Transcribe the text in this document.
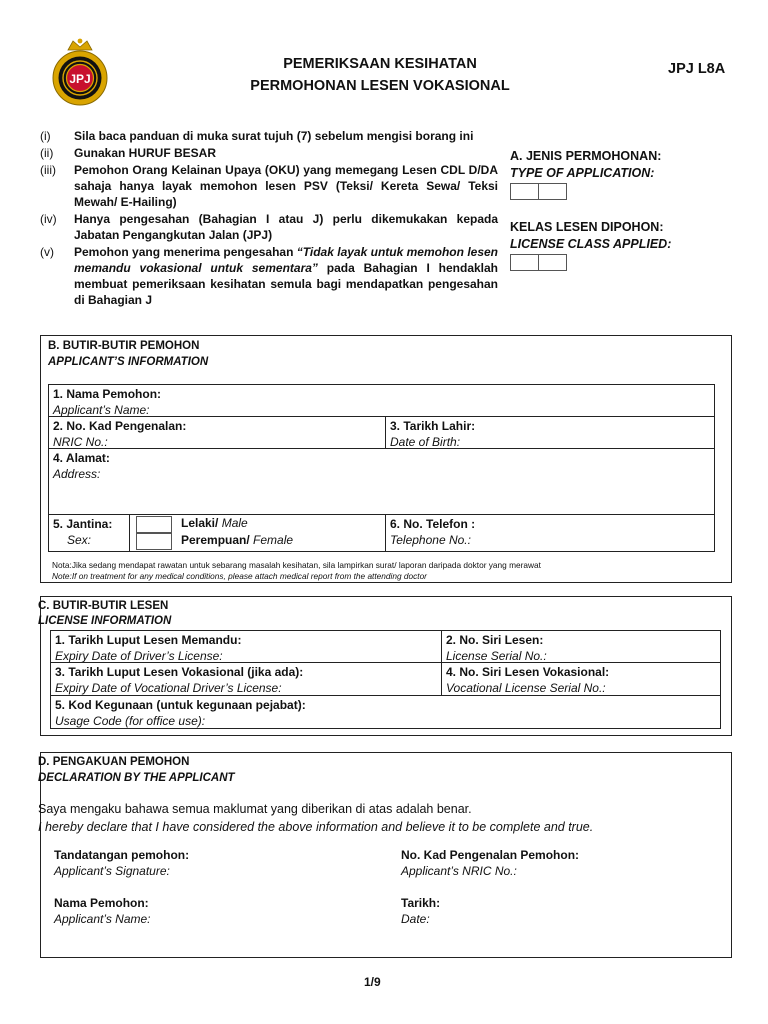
JPJ
PEMERIKSAAN KESIHATAN
PERMOHONAN LESEN VOKASIONAL
JPJ L8A
(i) Sila baca panduan di muka surat tujuh (7) sebelum mengisi borang ini
(ii) Gunakan HURUF BESAR
(iii) Pemohon Orang Kelainan Upaya (OKU) yang memegang Lesen CDL D/DA sahaja hanya layak memohon lesen PSV (Teksi/ Kereta Sewa/ Teksi Mewah/ E-Hailing)
(iv) Hanya pengesahan (Bahagian I atau J) perlu dikemukakan kepada Jabatan Pengangkutan Jalan (JPJ)
(v) Pemohon yang menerima pengesahan “Tidak layak untuk memohon lesen memandu vokasional untuk sementara” pada Bahagian I hendaklah membuat pemeriksaan kesihatan semula bagi mendapatkan pengesahan di Bahagian J
A. JENIS PERMOHONAN:
TYPE OF APPLICATION:
KELAS LESEN DIPOHON:
LICENSE CLASS APPLIED:
B. BUTIR-BUTIR PEMOHON
APPLICANT’S INFORMATION
1. Nama Pemohon:
Applicant’s Name:
2. No. Kad Pengenalan:
NRIC No.:
3. Tarikh Lahir:
Date of Birth:
4. Alamat:
Address:
5. Jantina:
Sex:
Lelaki/ Male
Perempuan/ Female
6. No. Telefon :
Telephone No.:
Nota:Jika sedang mendapat rawatan untuk sebarang masalah kesihatan, sila lampirkan surat/ laporan daripada doktor yang merawat
Note:If on treatment for any medical conditions, please attach medical report from the attending doctor
C. BUTIR-BUTIR LESEN
LICENSE INFORMATION
1. Tarikh Luput Lesen Memandu:
Expiry Date of Driver’s License:
2. No. Siri Lesen:
License Serial No.:
3. Tarikh Luput Lesen Vokasional (jika ada):
Expiry Date of Vocational Driver’s License:
4. No. Siri Lesen Vokasional:
Vocational License Serial No.:
5. Kod Kegunaan (untuk kegunaan pejabat):
Usage Code (for office use):
D. PENGAKUAN PEMOHON
DECLARATION BY THE APPLICANT
Saya mengaku bahawa semua maklumat yang diberikan di atas adalah benar.
I hereby declare that I have considered the above information and believe it to be complete and true.
Tandatangan pemohon:
Applicant’s Signature:
No. Kad Pengenalan Pemohon:
Applicant’s NRIC No.:
Nama Pemohon:
Applicant’s Name:
Tarikh:
Date:
1/9
